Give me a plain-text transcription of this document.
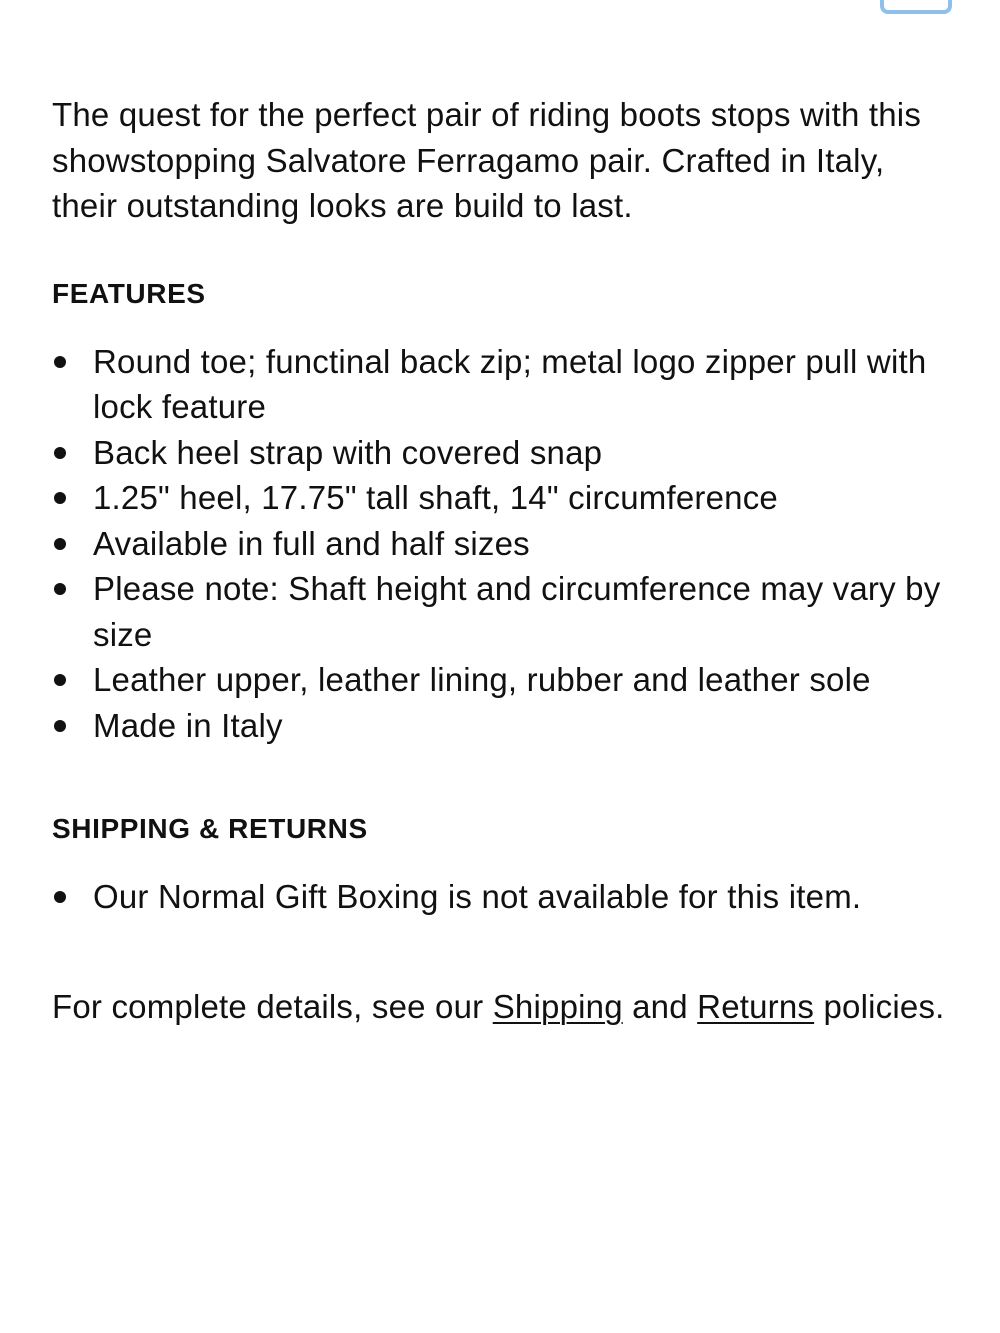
The quest for the perfect pair of riding boots stops with this showstopping Salvatore Ferragamo pair. Crafted in Italy, their outstanding looks are build to last.

FEATURES
Round toe; functinal back zip; metal logo zipper pull with lock feature
Back heel strap with covered snap
1.25" heel, 17.75" tall shaft, 14" circumference
Available in full and half sizes
Please note: Shaft height and circumference may vary by size
Leather upper, leather lining, rubber and leather sole
Made in Italy
SHIPPING & RETURNS
Our Normal Gift Boxing is not available for this item.

For complete details, see our Shipping and Returns policies.
